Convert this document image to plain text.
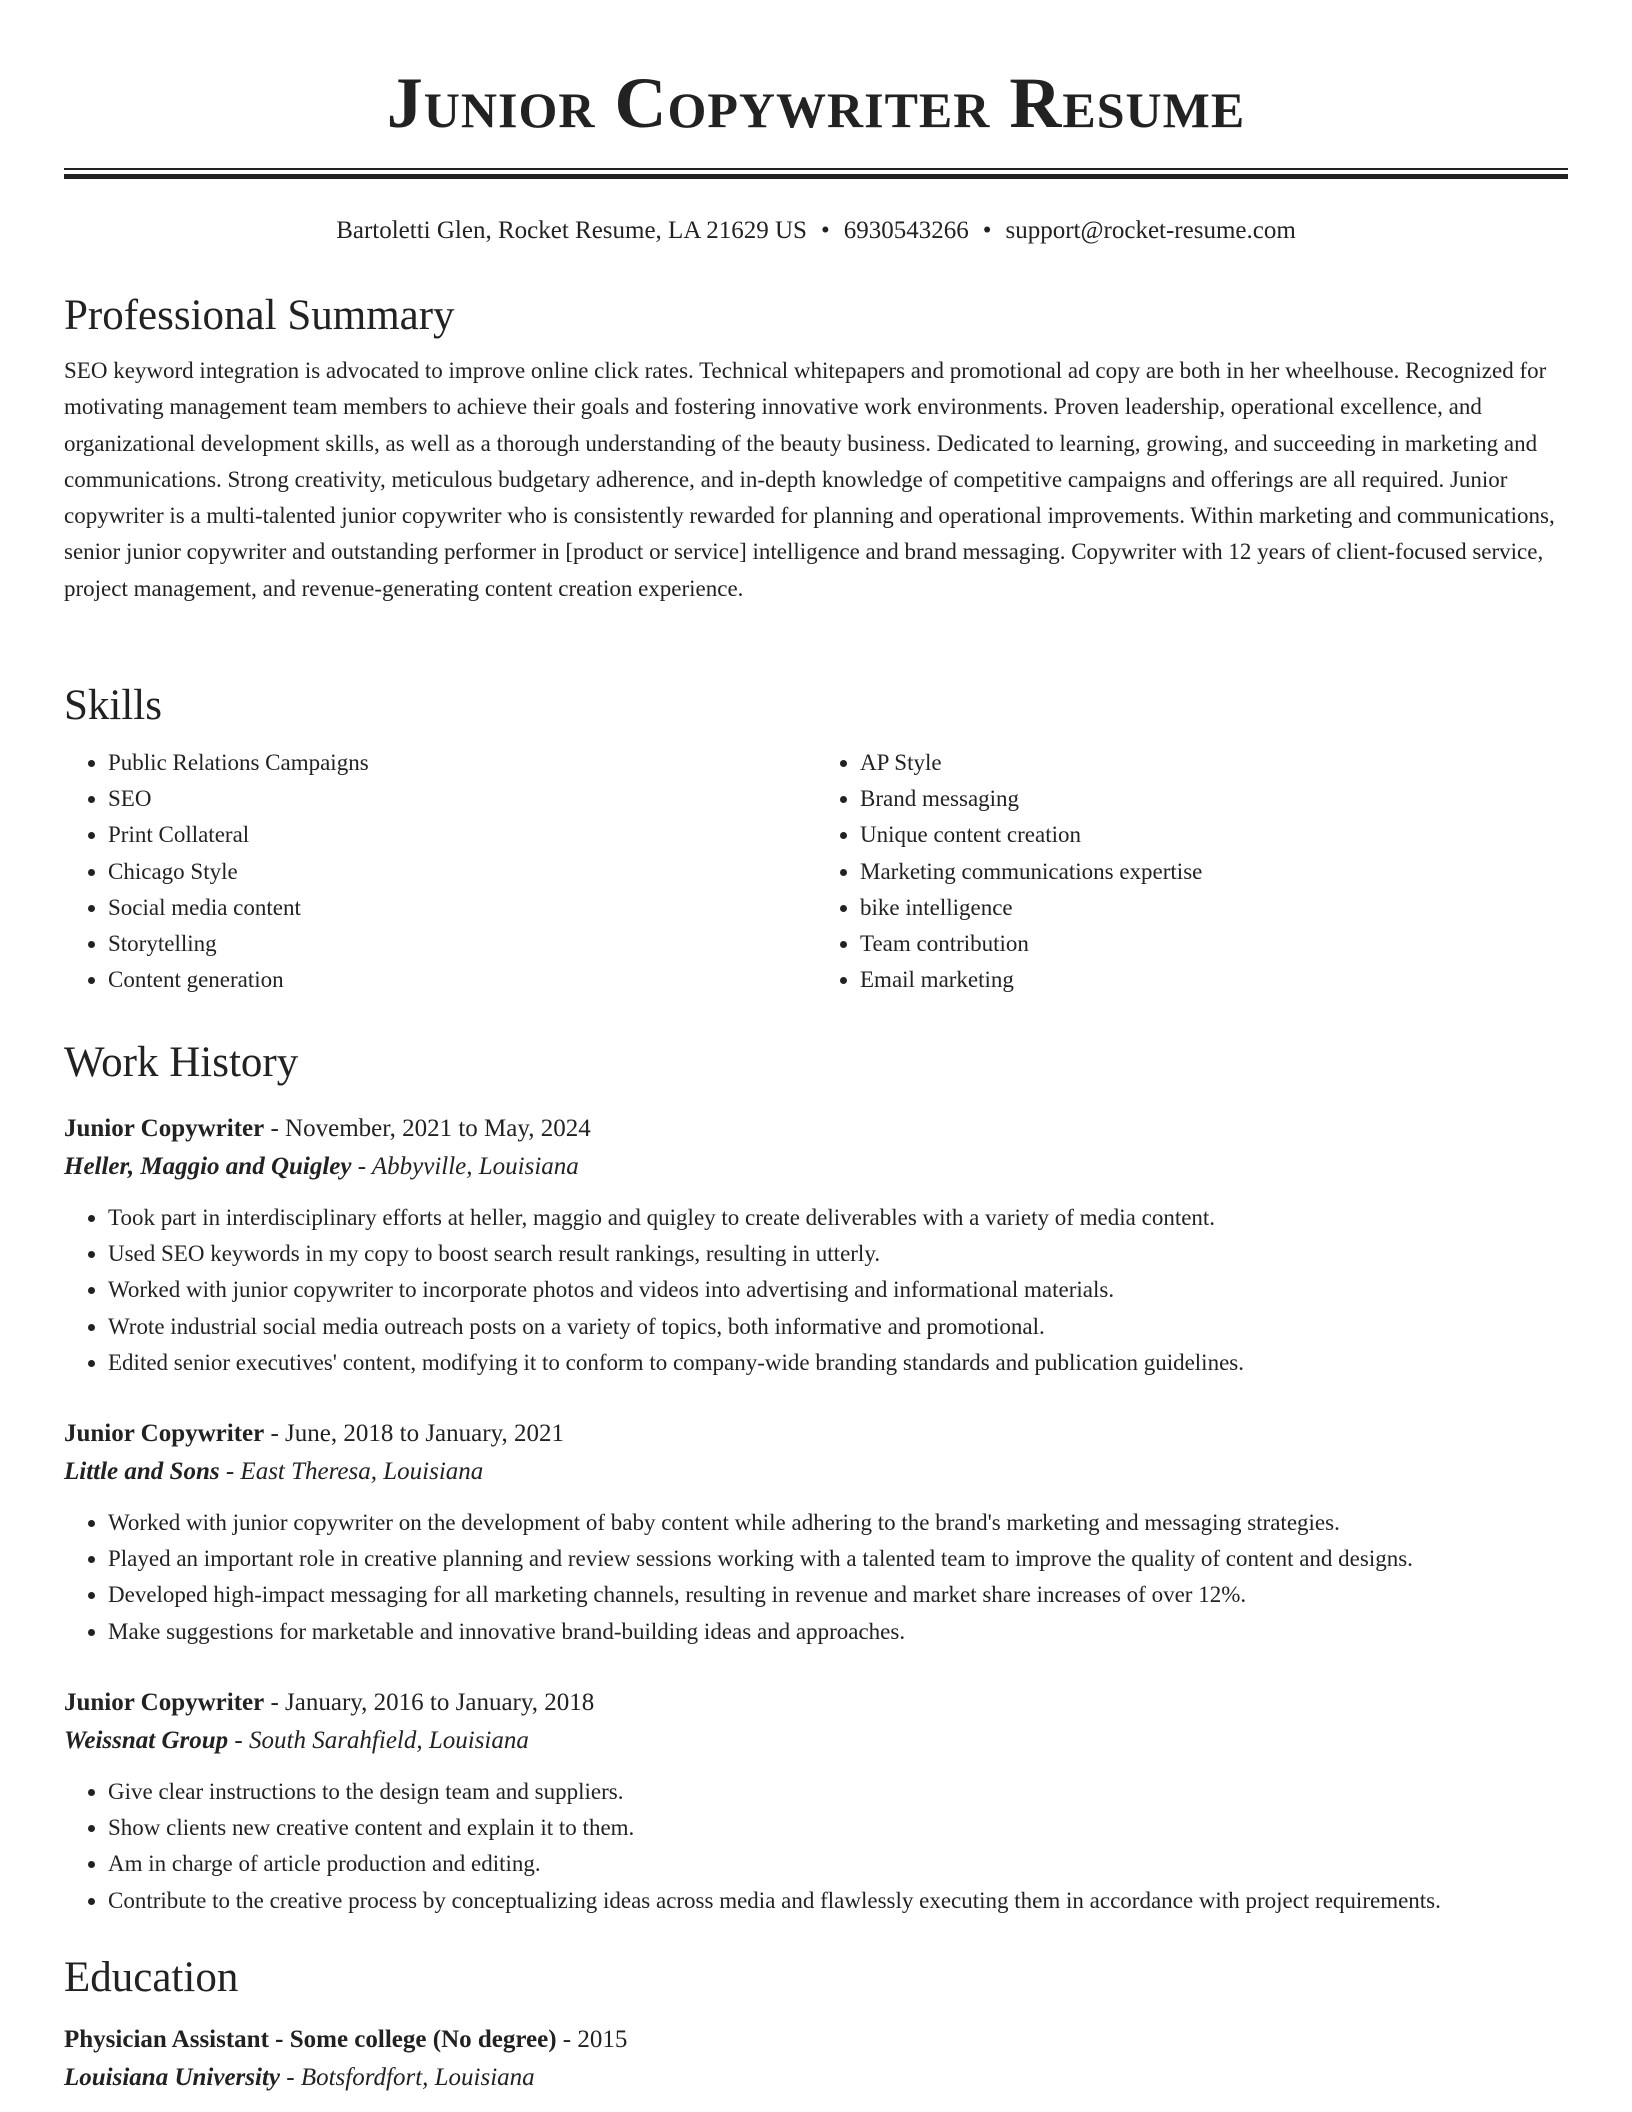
Junior Copywriter Resume
Bartoletti Glen, Rocket Resume, LA 21629 US • 6930543266 • support@rocket-resume.com
Professional Summary

SEO keyword integration is advocated to improve online click rates. Technical whitepapers and promotional ad copy are both in her wheelhouse. Recognized for motivating management team members to achieve their goals and fostering innovative work environments. Proven leadership, operational excellence, and organizational development skills, as well as a thorough understanding of the beauty business. Dedicated to learning, growing, and succeeding in marketing and communications. Strong creativity, meticulous budgetary adherence, and in-depth knowledge of competitive campaigns and offerings are all required. Junior copywriter is a multi-talented junior copywriter who is consistently rewarded for planning and operational improvements. Within marketing and communications, senior junior copywriter and outstanding performer in [product or service] intelligence and brand messaging. Copywriter with 12 years of client-focused service, project management, and revenue-generating content creation experience.

Skills
• Public Relations Campaigns
• SEO
• Print Collateral
• Chicago Style
• Social media content
• Storytelling
• Content generation
• AP Style
• Brand messaging
• Unique content creation
• Marketing communications expertise
• bike intelligence
• Team contribution
• Email marketing
Work History
Junior Copywriter - November, 2021 to May, 2024
Heller, Maggio and Quigley - Abbyville, Louisiana
• Took part in interdisciplinary efforts at heller, maggio and quigley to create deliverables with a variety of media content.
• Used SEO keywords in my copy to boost search result rankings, resulting in utterly.
• Worked with junior copywriter to incorporate photos and videos into advertising and informational materials.
• Wrote industrial social media outreach posts on a variety of topics, both informative and promotional.
• Edited senior executives' content, modifying it to conform to company-wide branding standards and publication guidelines.
Junior Copywriter - June, 2018 to January, 2021
Little and Sons - East Theresa, Louisiana
• Worked with junior copywriter on the development of baby content while adhering to the brand's marketing and messaging strategies.
• Played an important role in creative planning and review sessions working with a talented team to improve the quality of content and designs.
• Developed high-impact messaging for all marketing channels, resulting in revenue and market share increases of over 12%.
• Make suggestions for marketable and innovative brand-building ideas and approaches.
Junior Copywriter - January, 2016 to January, 2018
Weissnat Group - South Sarahfield, Louisiana
• Give clear instructions to the design team and suppliers.
• Show clients new creative content and explain it to them.
• Am in charge of article production and editing.
• Contribute to the creative process by conceptualizing ideas across media and flawlessly executing them in accordance with project requirements.
Education
Physician Assistant - Some college (No degree) - 2015
Louisiana University - Botsfordfort, Louisiana
